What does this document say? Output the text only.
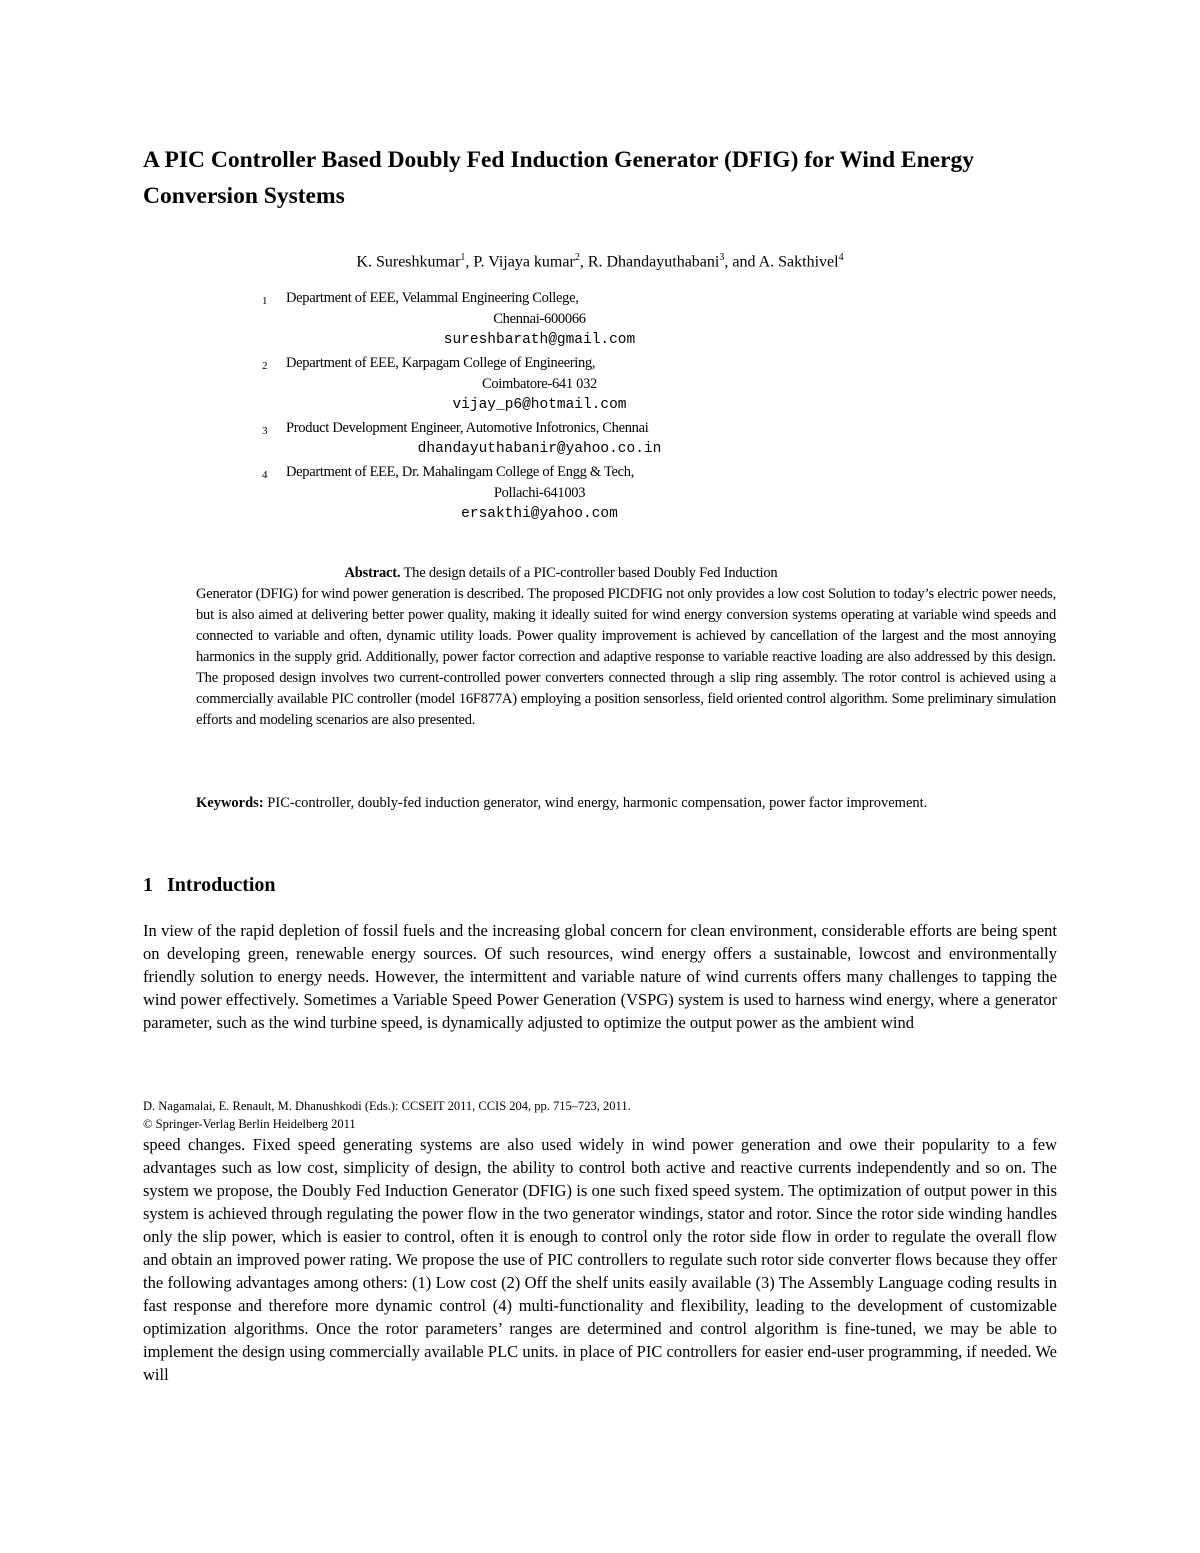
A PIC Controller Based Doubly Fed Induction Generator (DFIG) for Wind Energy Conversion Systems
K. Sureshkumar$^1$, P. Vijaya kumar$^2$, R. Dhandayuthabani$^3$, and A. Sakthivel$^4$
1 Department of EEE, Velammal Engineering College,
Chennai-600066
sureshbarath@gmail.com
2 Department of EEE, Karpagam College of Engineering,
Coimbatore-641 032
vijay_p6@hotmail.com
3 Product Development Engineer, Automotive Infotronics, Chennai
dhandayuthabanir@yahoo.co.in
4 Department of EEE, Dr. Mahalingam College of Engg & Tech,
Pollachi-641003
ersakthi@yahoo.com

Abstract. The design details of a PIC-controller based Doubly Fed Induction
Generator (DFIG) for wind power generation is described. The proposed PICDFIG not only provides a low cost Solution to today’s electric power needs, but is also aimed at delivering better power quality, making it ideally suited for wind energy conversion systems operating at variable wind speeds and connected to variable and often, dynamic utility loads. Power quality improvement is achieved by cancellation of the largest and the most annoying harmonics in the supply grid. Additionally, power factor correction and adaptive response to variable reactive loading are also addressed by this design. The proposed design involves two current-controlled power converters connected through a slip ring assembly. The rotor control is achieved using a commercially available PIC controller (model 16F877A) employing a position sensorless, field oriented control algorithm. Some preliminary simulation efforts and modeling scenarios are also presented.

Keywords: PIC-controller, doubly-fed induction generator, wind energy, harmonic compensation, power factor improvement.

1 Introduction

In view of the rapid depletion of fossil fuels and the increasing global concern for clean environment, considerable efforts are being spent on developing green, renewable energy sources. Of such resources, wind energy offers a sustainable, lowcost and environmentally friendly solution to energy needs. However, the intermittent and variable nature of wind currents offers many challenges to tapping the wind power effectively. Sometimes a Variable Speed Power Generation (VSPG) system is used to harness wind energy, where a generator parameter, such as the wind turbine speed, is dynamically adjusted to optimize the output power as the ambient wind

D. Nagamalai, E. Renault, M. Dhanushkodi (Eds.): CCSEIT 2011, CCIS 204, pp. 715–723, 2011.
© Springer-Verlag Berlin Heidelberg 2011

speed changes. Fixed speed generating systems are also used widely in wind power generation and owe their popularity to a few advantages such as low cost, simplicity of design, the ability to control both active and reactive currents independently and so on. The system we propose, the Doubly Fed Induction Generator (DFIG) is one such fixed speed system. The optimization of output power in this system is achieved through regulating the power flow in the two generator windings, stator and rotor. Since the rotor side winding handles only the slip power, which is easier to control, often it is enough to control only the rotor side flow in order to regulate the overall flow and obtain an improved power rating. We propose the use of PIC controllers to regulate such rotor side converter flows because they offer the following advantages among others: (1) Low cost (2) Off the shelf units easily available (3) The Assembly Language coding results in fast response and therefore more dynamic control (4) multi-functionality and flexibility, leading to the development of customizable optimization algorithms. Once the rotor parameters’ ranges are determined and control algorithm is fine-tuned, we may be able to implement the design using commercially available PLC units. in place of PIC controllers for easier end-user programming, if needed. We will
